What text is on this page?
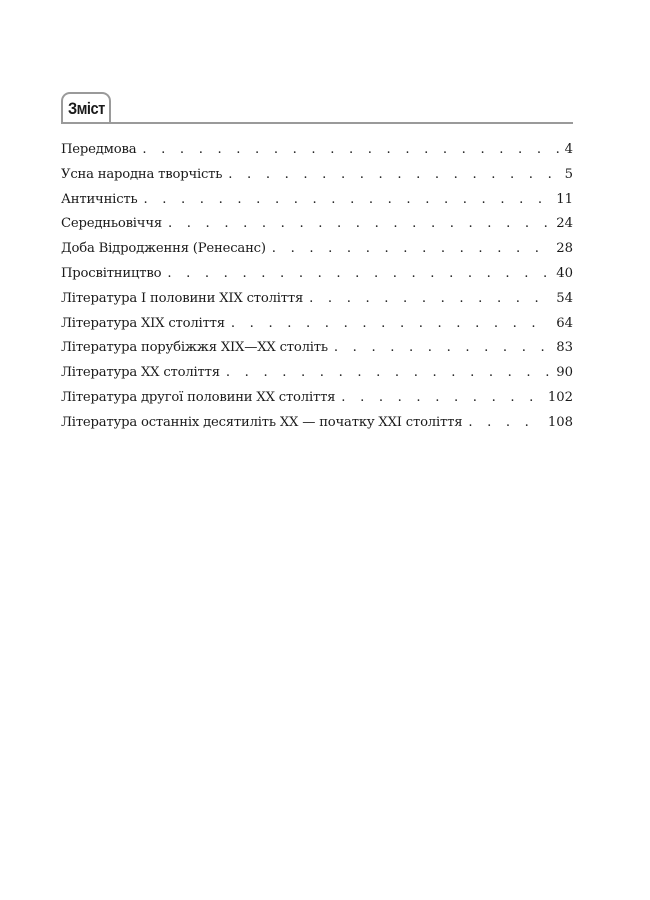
Зміст
Передмова . . .	4
Усна народна творчість . . .	5
Античність . . .	11
Середньовіччя . . .	24
Доба Відродження (Ренесанс) . . .	28
Просвітництво . . .	40
Література І половини ХІХ століття . . .	54
Література ХІХ століття . . .	64
Література порубіжжя ХІХ—ХХ століть . . .	83
Література ХХ століття . . .	90
Література другої половини ХХ століття . . .	102
Література останніх десятиліть ХХ — початку ХХІ століття . . .	108
